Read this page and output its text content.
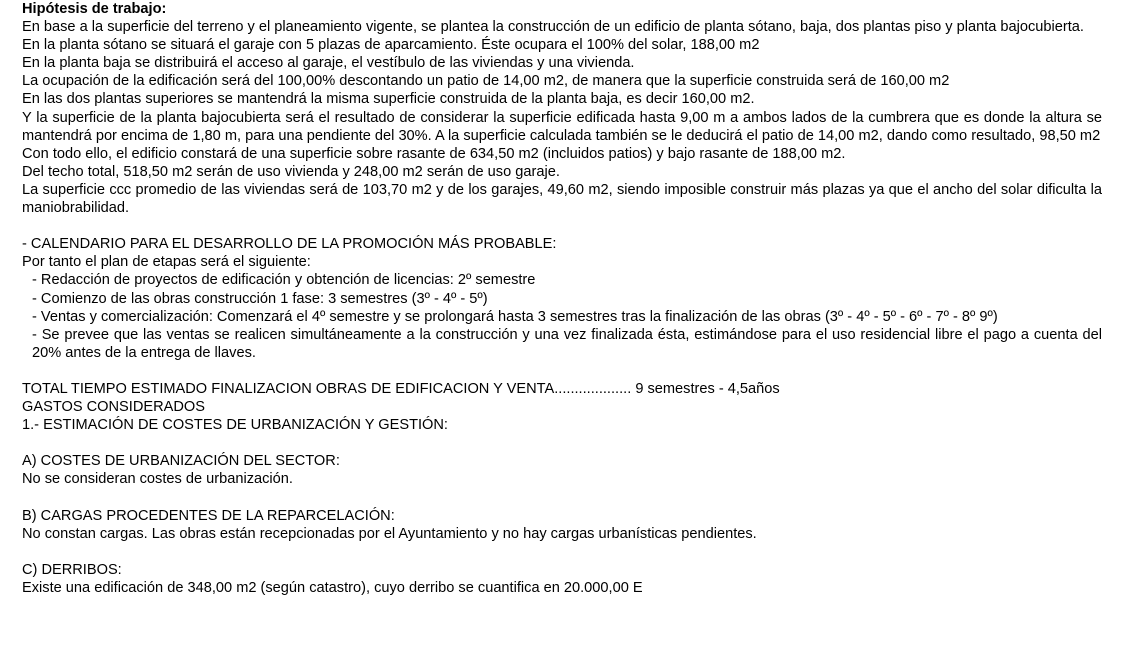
Hipótesis de trabajo:
En base a la superficie del terreno y el planeamiento vigente, se plantea la construcción de un edificio de planta sótano, baja, dos plantas piso y planta bajocubierta.
En la planta sótano se situará el garaje con 5 plazas de aparcamiento. Éste ocupara el 100% del solar, 188,00 m2
En la planta baja se distribuirá el acceso al garaje, el vestíbulo de las viviendas y una vivienda.
La ocupación de la edificación será del 100,00% descontando un patio de 14,00 m2, de manera que la superficie construida será de 160,00 m2
En las dos plantas superiores se mantendrá la misma superficie construida de la planta baja, es decir 160,00 m2.
Y la superficie de la planta bajocubierta será el resultado de considerar la superficie edificada hasta 9,00 m a ambos lados de la cumbrera que es donde la altura se mantendrá por encima de 1,80 m, para una pendiente del 30%. A la superficie calculada también se le deducirá el patio de 14,00 m2, dando como resultado, 98,50 m2
Con todo ello, el edificio constará de una superficie sobre rasante de 634,50 m2 (incluidos patios) y bajo rasante de 188,00 m2.
Del techo total, 518,50 m2 serán de uso vivienda y 248,00 m2 serán de uso garaje.
La superficie ccc promedio de las viviendas será de 103,70 m2 y de los garajes, 49,60 m2, siendo imposible construir más plazas ya que el ancho del solar dificulta la maniobrabilidad.
- CALENDARIO PARA EL DESARROLLO DE LA PROMOCIÓN MÁS PROBABLE:
Por tanto el plan de etapas será el siguiente:
- Redacción de proyectos de edificación y obtención de licencias: 2º semestre
- Comienzo de las obras construcción 1 fase: 3 semestres (3º - 4º - 5º)
- Ventas y comercialización: Comenzará el 4º semestre y se prolongará hasta 3 semestres tras la finalización de las obras (3º - 4º - 5º - 6º - 7º - 8º 9º)
- Se prevee que las ventas se realicen simultáneamente a la construcción y una vez finalizada ésta, estimándose para el uso residencial libre el pago a cuenta del 20% antes de la entrega de llaves.
TOTAL TIEMPO ESTIMADO FINALIZACION OBRAS DE EDIFICACION Y VENTA................... 9 semestres - 4,5años
GASTOS CONSIDERADOS
1.- ESTIMACIÓN DE COSTES DE URBANIZACIÓN Y GESTIÓN:
A) COSTES DE URBANIZACIÓN DEL SECTOR:
No se consideran costes de urbanización.
B) CARGAS PROCEDENTES DE LA REPARCELACIÓN:
No constan cargas. Las obras están recepcionadas por el Ayuntamiento y no hay cargas urbanísticas pendientes.
C) DERRIBOS:
Existe una edificación de 348,00 m2 (según catastro), cuyo derribo se cuantifica en 20.000,00 E
